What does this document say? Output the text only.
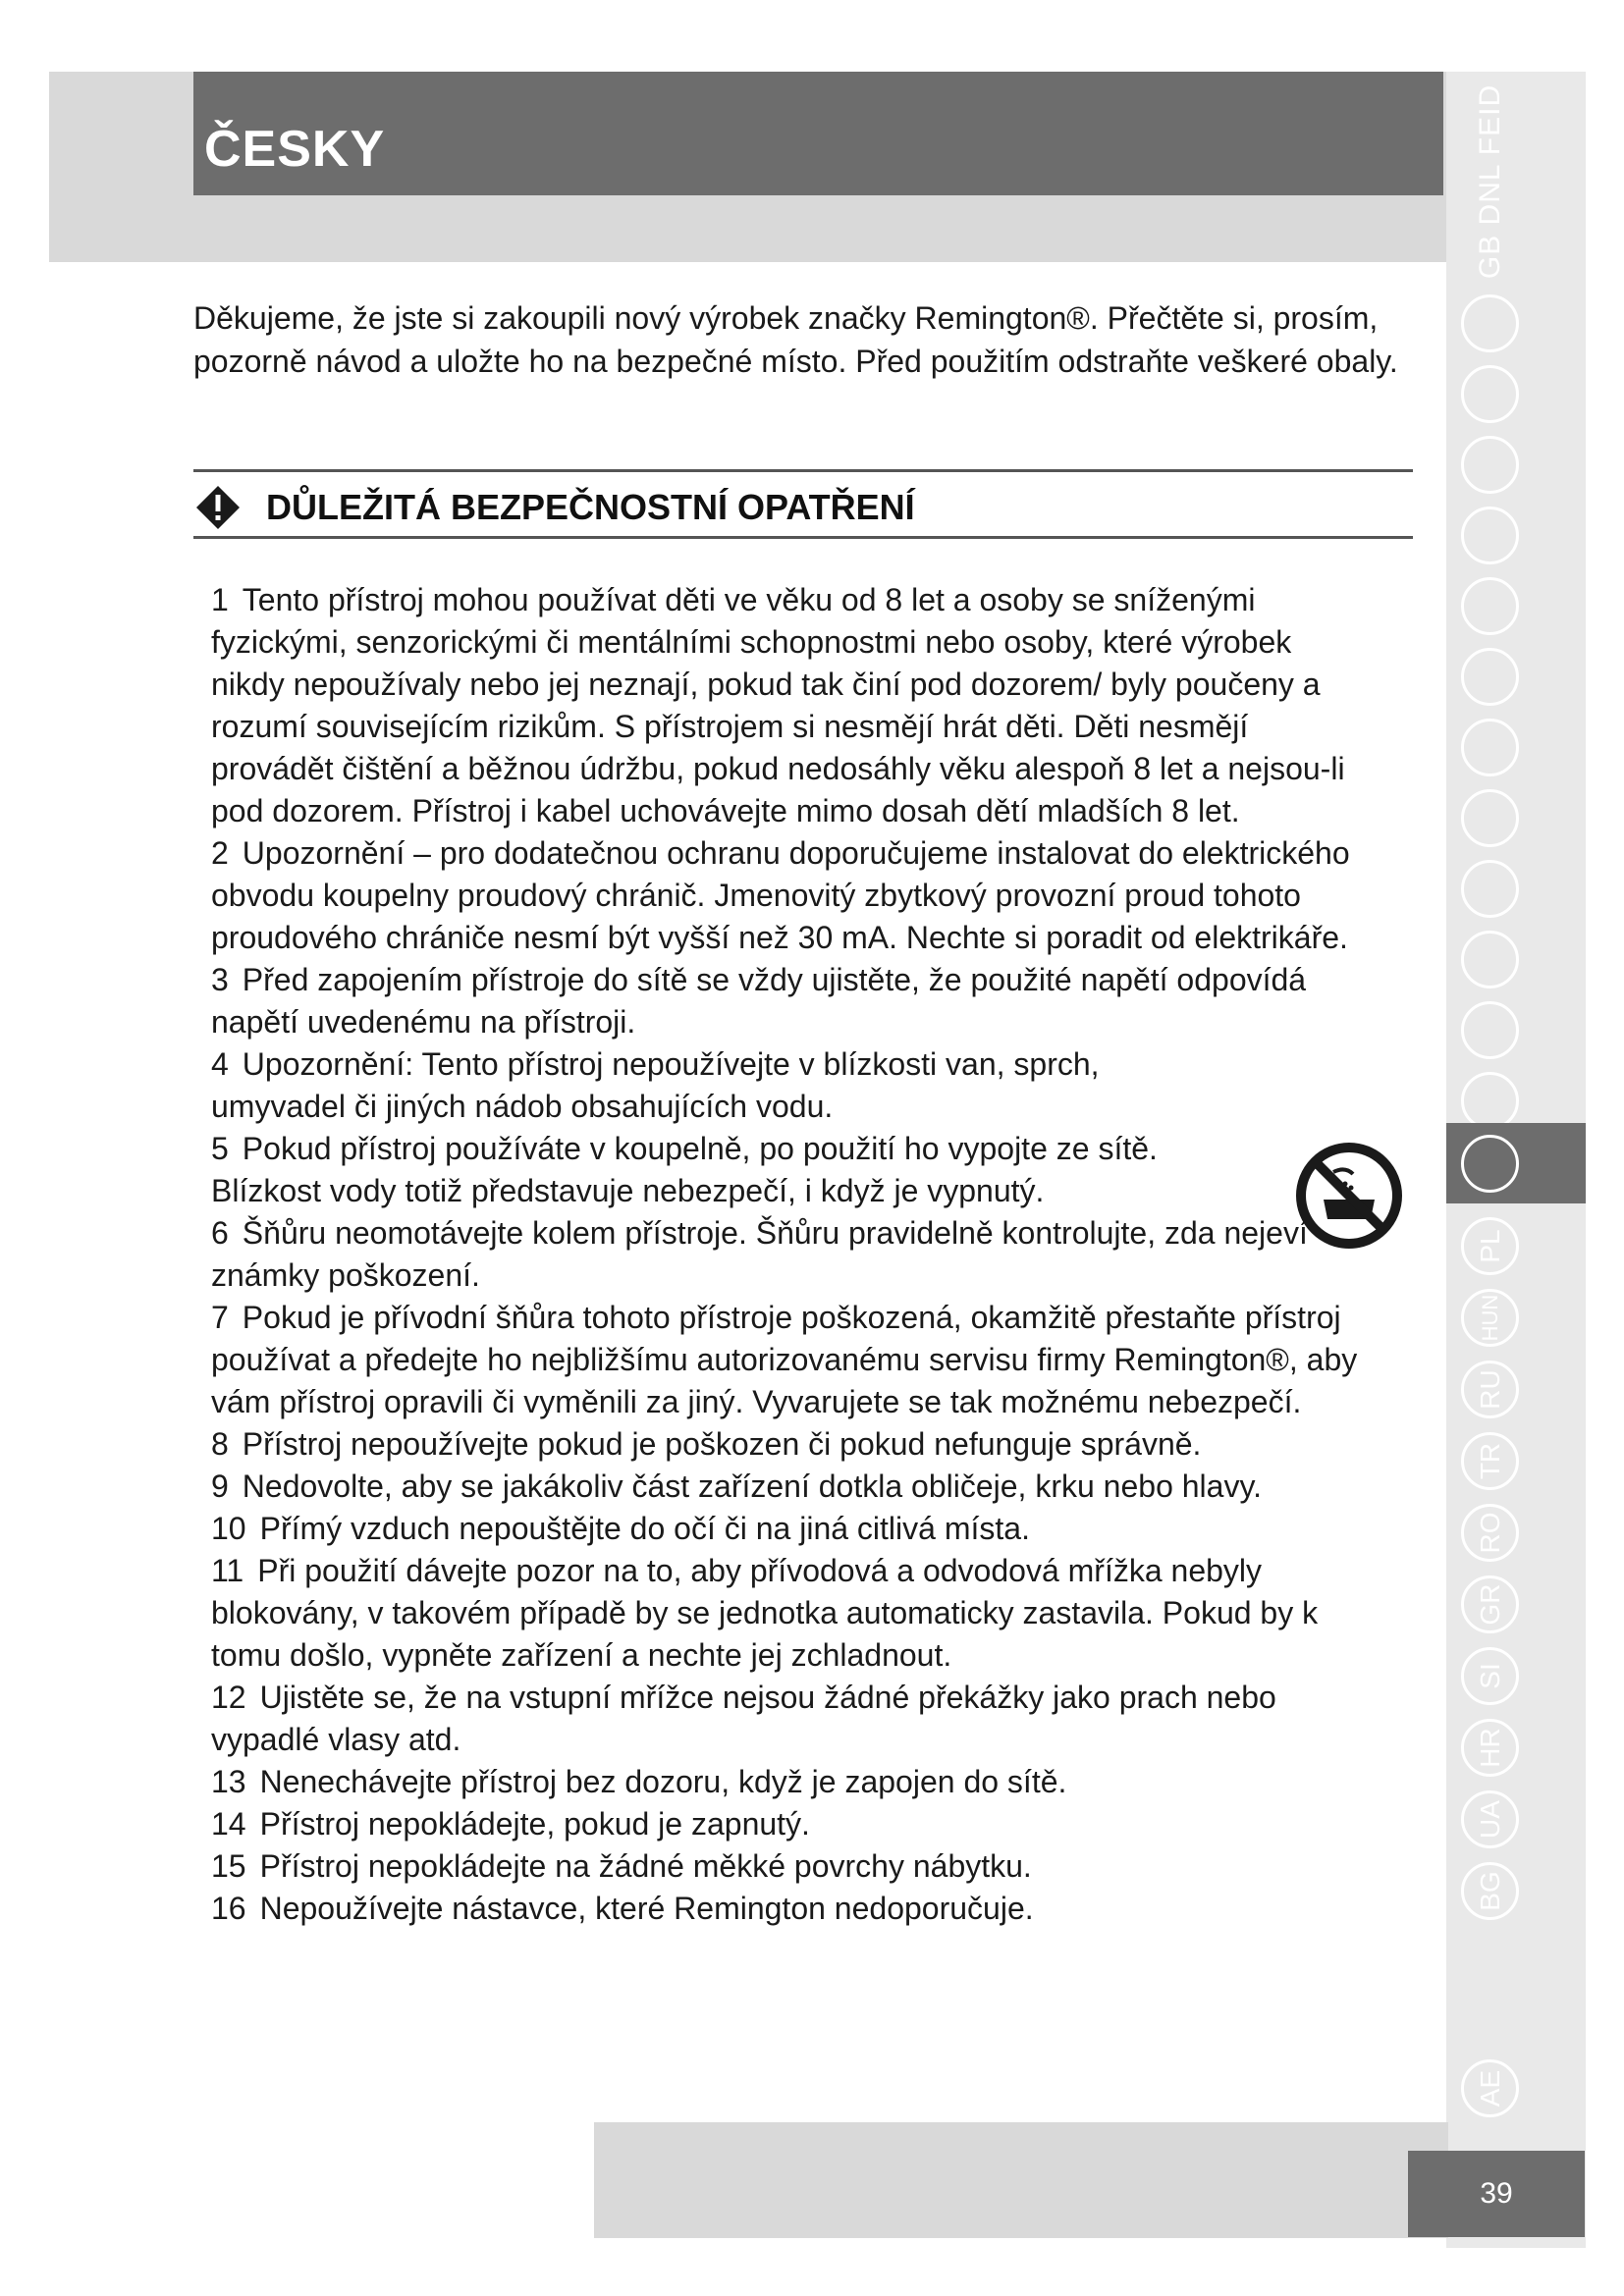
ČESKY	GB DNL FEID
PL
HUN
RU
TR
RO
GR
SI
HR
UA
BG
AE

Děkujeme, že jste si zakoupili nový výrobek značky Remington®. Přečtěte si, prosím, pozorně návod a uložte ho na bezpečné místo. Před použitím odstraňte veškeré obaly.

DŮLEŽITÁ BEZPEČNOSTNÍ OPATŘENÍ
1 Tento přístroj mohou používat děti ve věku od 8 let a osoby se sníženými fyzickými, senzorickými či mentálními schopnostmi nebo osoby, které výrobek nikdy nepoužívaly nebo jej neznají, pokud tak činí pod dozorem/ byly poučeny a rozumí souvisejícím rizikům. S přístrojem si nesmějí hrát děti. Děti nesmějí provádět čištění a běžnou údržbu, pokud nedosáhly věku alespoň 8 let a nejsou-li pod dozorem. Přístroj i kabel uchovávejte mimo dosah dětí mladších 8 let.
2 Upozornění – pro dodatečnou ochranu doporučujeme instalovat do elektrického obvodu koupelny proudový chránič. Jmenovitý zbytkový provozní proud tohoto proudového chrániče nesmí být vyšší než 30 mA. Nechte si poradit od elektrikáře.
3 Před zapojením přístroje do sítě se vždy ujistěte, že použité napětí odpovídá napětí uvedenému na přístroji.
4 Upozornění: Tento přístroj nepoužívejte v blízkosti van, sprch, umyvadel či jiných nádob obsahujících vodu.
5 Pokud přístroj používáte v koupelně, po použití ho vypojte ze sítě. Blízkost vody totiž představuje nebezpečí, i když je vypnutý.
6 Šňůru neomotávejte kolem přístroje. Šňůru pravidelně kontrolujte, zda nejeví známky poškození.
7 Pokud je přívodní šňůra tohoto přístroje poškozená, okamžitě přestaňte přístroj používat a předejte ho nejbližšímu autorizovanému servisu firmy Remington®, aby vám přístroj opravili či vyměnili za jiný. Vyvarujete se tak možnému nebezpečí.
8 Přístroj nepoužívejte pokud je poškozen či pokud nefunguje správně.
9 Nedovolte, aby se jakákoliv část zařízení dotkla obličeje, krku nebo hlavy.
10 Přímý vzduch nepouštějte do očí či na jiná citlivá místa.
11 Při použití dávejte pozor na to, aby přívodová a odvodová mřížka nebyly blokovány, v takovém případě by se jednotka automaticky zastavila. Pokud by k tomu došlo, vypněte zařízení a nechte jej zchladnout.
12 Ujistěte se, že na vstupní mřížce nejsou žádné překážky jako prach nebo vypadlé vlasy atd.
13 Nenechávejte přístroj bez dozoru, když je zapojen do sítě.
14 Přístroj nepokládejte, pokud je zapnutý.
15 Přístroj nepokládejte na žádné měkké povrchy nábytku.
16 Nepoužívejte nástavce, které Remington nedoporučuje.
39
